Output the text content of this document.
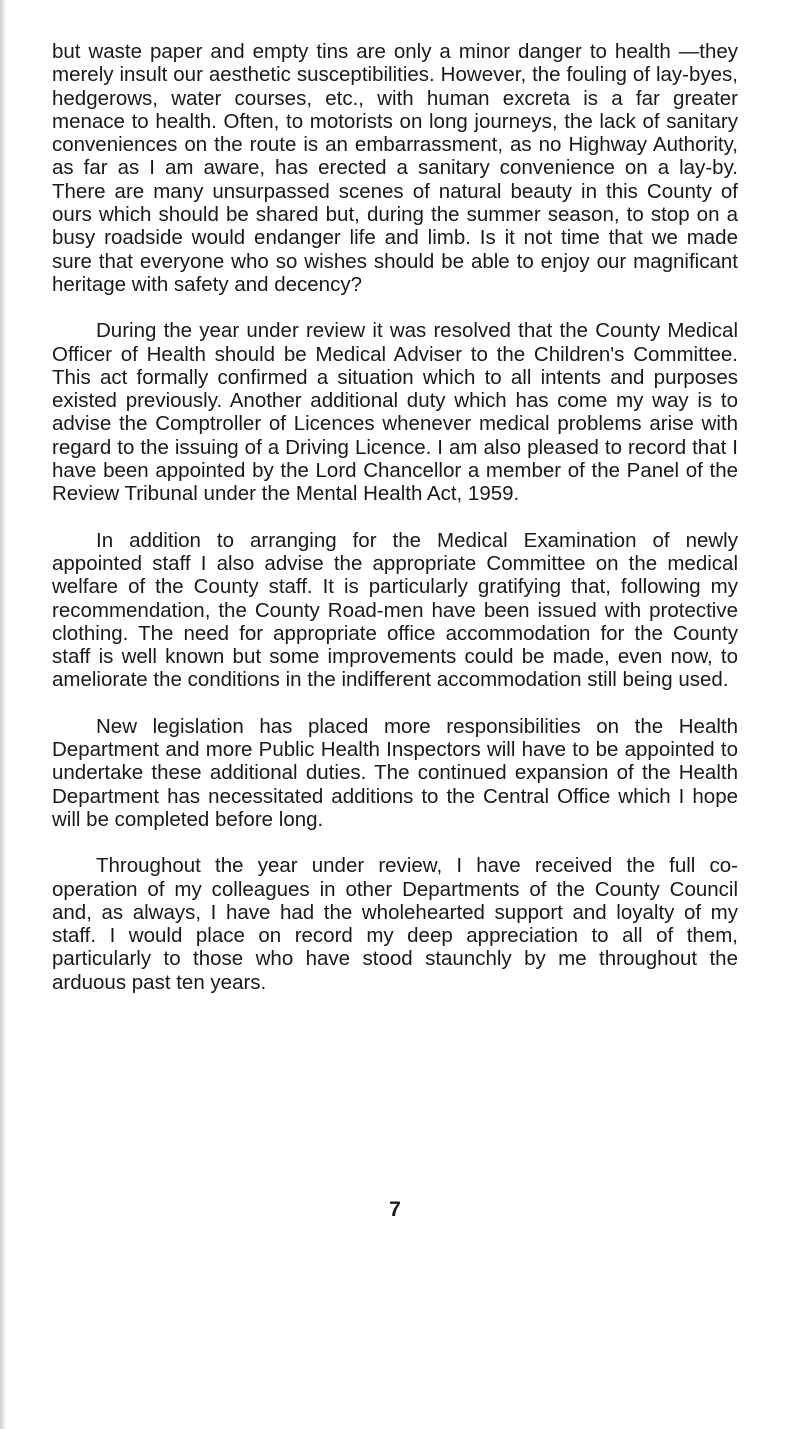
but waste paper and empty tins are only a minor danger to health —they merely insult our aesthetic susceptibilities. However, the fouling of lay-byes, hedgerows, water courses, etc., with human excreta is a far greater menace to health. Often, to motorists on long journeys, the lack of sanitary conveniences on the route is an embarrassment, as no Highway Authority, as far as I am aware, has erected a sanitary convenience on a lay-by. There are many unsurpassed scenes of natural beauty in this County of ours which should be shared but, during the summer season, to stop on a busy roadside would endanger life and limb. Is it not time that we made sure that everyone who so wishes should be able to enjoy our magnificant heritage with safety and decency?

During the year under review it was resolved that the County Medical Officer of Health should be Medical Adviser to the Children's Committee. This act formally confirmed a situation which to all intents and purposes existed previously. Another additional duty which has come my way is to advise the Comptroller of Licences whenever medical problems arise with regard to the issuing of a Driving Licence. I am also pleased to record that I have been appointed by the Lord Chancellor a member of the Panel of the Review Tribunal under the Mental Health Act, 1959.

In addition to arranging for the Medical Examination of newly appointed staff I also advise the appropriate Committee on the medical welfare of the County staff. It is particularly gratifying that, following my recommendation, the County Road-men have been issued with protective clothing. The need for appropriate office accommodation for the County staff is well known but some improvements could be made, even now, to ameliorate the conditions in the indifferent accommodation still being used.

New legislation has placed more responsibilities on the Health Department and more Public Health Inspectors will have to be appointed to undertake these additional duties. The continued expansion of the Health Department has necessitated additions to the Central Office which I hope will be completed before long.

Throughout the year under review, I have received the full co-operation of my colleagues in other Departments of the County Council and, as always, I have had the wholehearted support and loyalty of my staff. I would place on record my deep appreciation to all of them, particularly to those who have stood staunchly by me throughout the arduous past ten years.

7
